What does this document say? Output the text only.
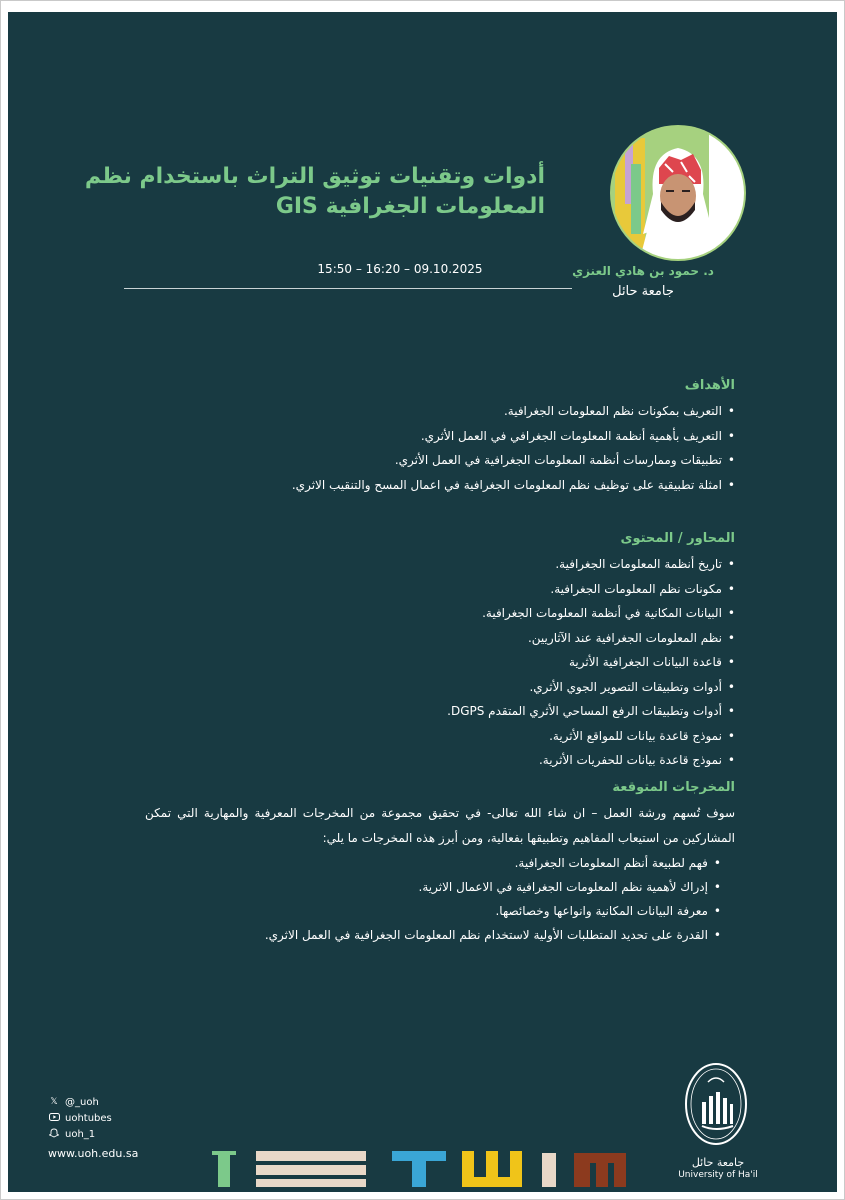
أدوات وتقنيات توثيق التراث باستخدام نظم
المعلومات الجغرافية GIS
15:50 – 16:20 – 09.10.2025	د. حمود بن هادي العنزي
جامعة حائل
الأهداف
• التعريف بمكونات نظم المعلومات الجغرافية.
• التعريف بأهمية أنظمة المعلومات الجغرافي في العمل الأثري.
• تطبيقات وممارسات أنظمة المعلومات الجغرافية في العمل الأثري.
• امثلة تطبيقية على توظيف نظم المعلومات الجغرافية في اعمال المسح والتنقيب الاثري.
المحاور / المحتوى
• تاريخ أنظمة المعلومات الجغرافية.
• مكونات نظم المعلومات الجغرافية.
• البيانات المكانية في أنظمة المعلومات الجغرافية.
• نظم المعلومات الجغرافية عند الآثاريين.
• قاعدة البيانات الجغرافية الأثرية
• أدوات وتطبيقات التصوير الجوي الأثري.
• أدوات وتطبيقات الرفع المساحي الأثري المتقدم DGPS.
• نموذج قاعدة بيانات للمواقع الأثرية.
• نموذج قاعدة بيانات للحفريات الأثرية.
المخرجات المتوقعة

سوف تُسهم ورشة العمل – ان شاء الله تعالى- في تحقيق مجموعة من المخرجات المعرفية والمهارية التي تمكن المشاركين من استيعاب المفاهيم وتطبيقها بفعالية، ومن أبرز هذه المخرجات ما يلي:

• فهم لطبيعة أنظم المعلومات الجغرافية.
• إدراك لأهمية نظم المعلومات الجغرافية في الاعمال الاثرية.
• معرفة البيانات المكانية وانواعها وخصائصها.
• القدرة على تحديد المتطلبات الأولية لاستخدام نظم المعلومات الجغرافية في العمل الاثري.
𝕏 @_uoh
uohtubes
uoh_1
www.uoh.edu.sa
جامعة حائل
University of Ha'il
